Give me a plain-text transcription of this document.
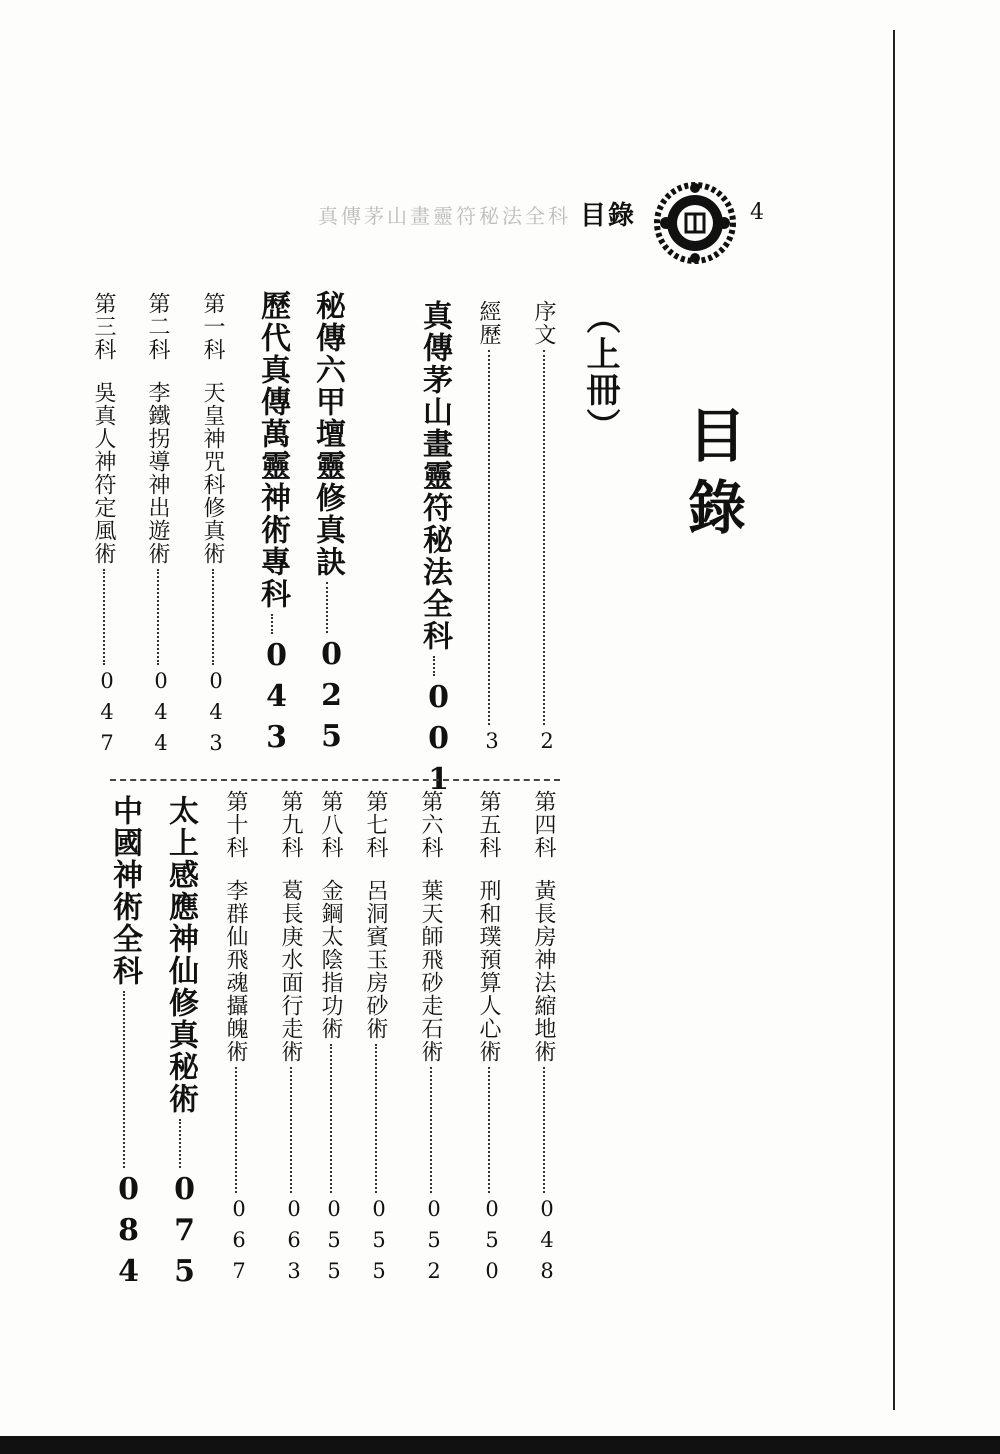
真傳茅山畫靈符秘法全科 目錄	4
目錄
（上冊）
序文
2
經歷
3
真傳茅山畫靈符秘法全科
001
秘傳六甲壇靈修真訣
025
歷代真傳萬靈神術專科
043
第一科
天皇神咒科修真術
043
第二科
李鐵拐導神出遊術
044
第三科
吳真人神符定風術
047
第四科
黃長房神法縮地術
048
第五科
刑和璞預算人心術
050
第六科
葉天師飛砂走石術
052
第七科
呂洞賓玉房砂術
055
第八科
金鋼太陰指功術
055
第九科
葛長庚水面行走術
063
第十科
李群仙飛魂攝魄術
067
太上感應神仙修真秘術
075
中國神術全科
084
